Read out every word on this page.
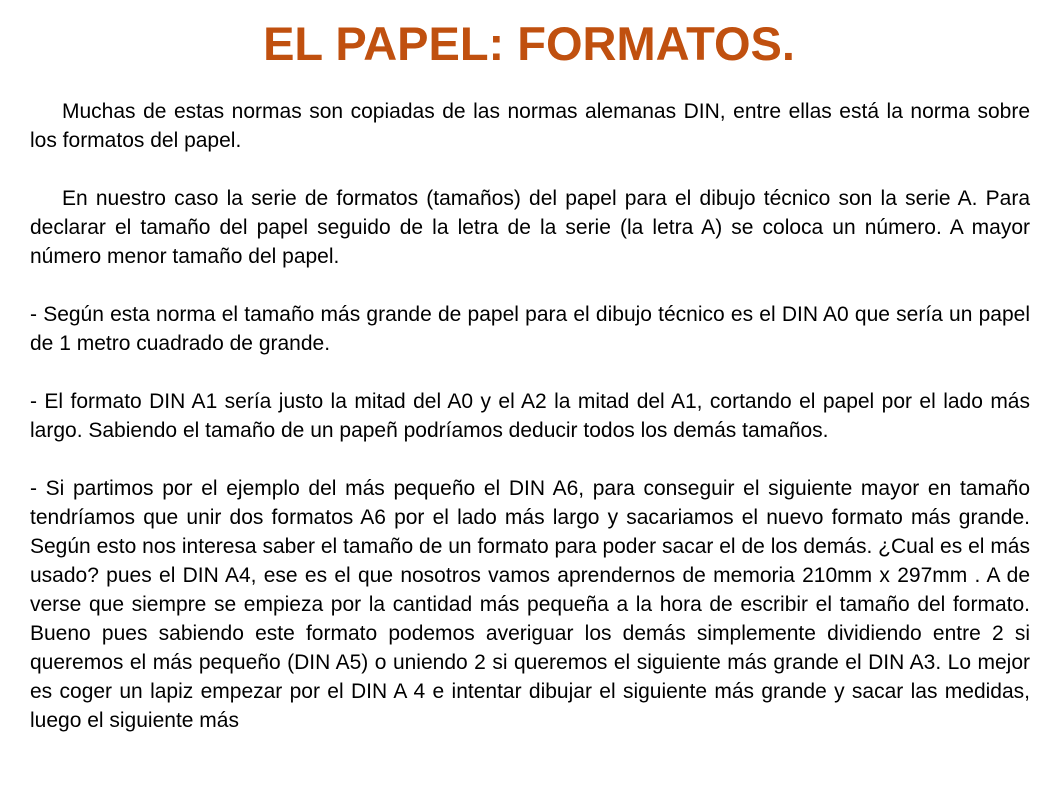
EL PAPEL: FORMATOS.

Muchas de estas normas son copiadas de las normas alemanas DIN, entre ellas está la norma sobre los formatos del papel.

En nuestro caso la serie de formatos (tamaños) del papel para el dibujo técnico son la serie A. Para declarar el tamaño del papel seguido de la letra de la serie (la letra A) se coloca un número. A mayor número menor tamaño del papel.

- Según esta norma el tamaño más grande de papel para el dibujo técnico es el DIN A0 que sería un papel de 1 metro cuadrado de grande.

- El formato DIN A1 sería justo la mitad del A0 y el A2 la mitad del A1, cortando el papel por el lado más largo. Sabiendo el tamaño de un papeñ podríamos deducir todos los demás tamaños.

- Si partimos por el ejemplo del más pequeño el DIN A6, para conseguir el siguiente mayor en tamaño tendríamos que unir dos formatos A6 por el lado más largo y sacariamos el nuevo formato más grande. Según esto nos interesa saber el tamaño de un formato para poder sacar el de los demás. ¿Cual es el más usado? pues el DIN A4, ese es el que nosotros vamos aprendernos de memoria 210mm x 297mm . A de verse que siempre se empieza por la cantidad más pequeña a la hora de escribir el tamaño del formato. Bueno pues sabiendo este formato podemos averiguar los demás simplemente dividiendo entre 2 si queremos el más pequeño (DIN A5) o uniendo 2 si queremos el siguiente más grande el DIN A3. Lo mejor es coger un lapiz empezar por el DIN A 4 e intentar dibujar el siguiente más grande y sacar las medidas, luego el siguiente más
